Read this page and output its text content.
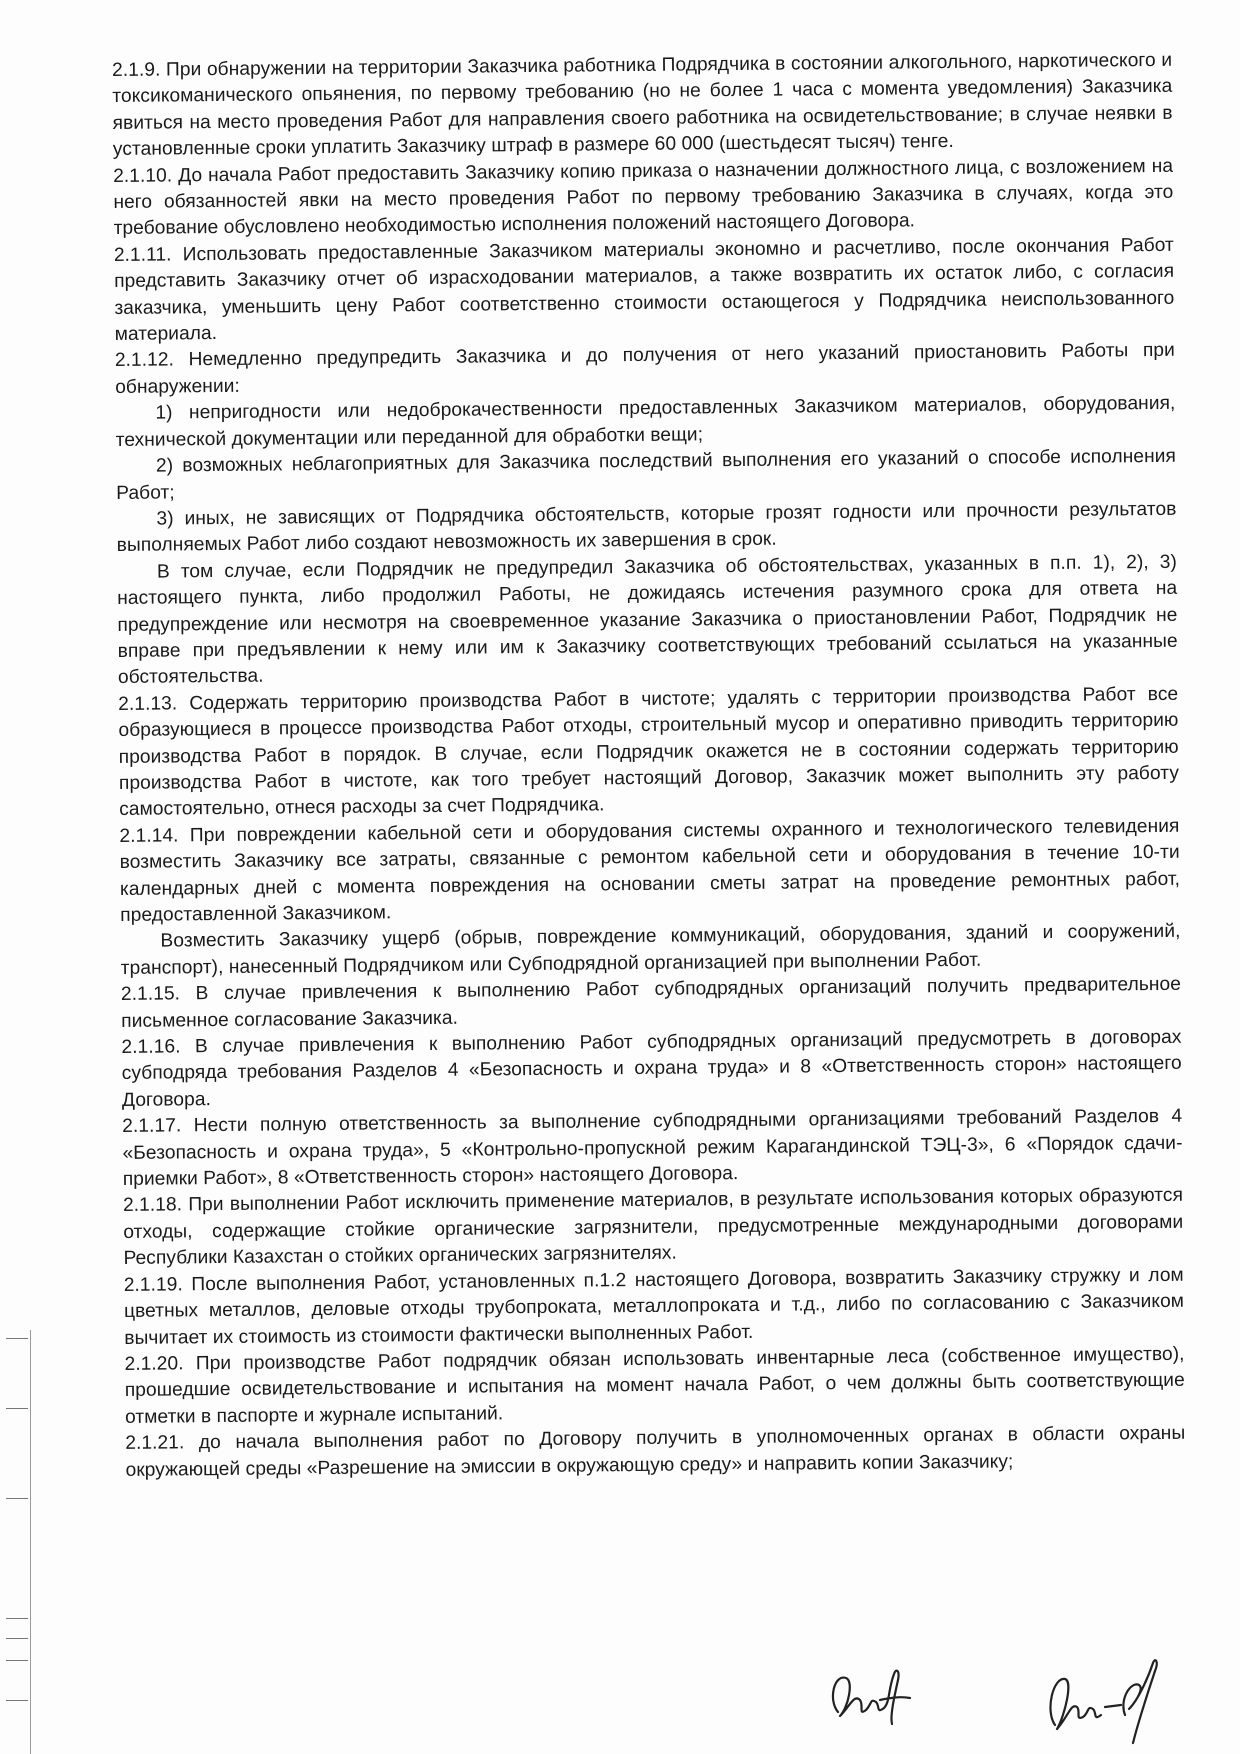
2.1.9. При обнаружении на территории Заказчика работника Подрядчика в состоянии алкогольного, наркотического и токсикоманического опьянения, по первому требованию (но не более 1 часа с момента уведомления) Заказчика явиться на место проведения Работ для направления своего работника на освидетельствование; в случае неявки в установленные сроки уплатить Заказчику штраф в размере 60 000 (шестьдесят тысяч) тенге.

2.1.10. До начала Работ предоставить Заказчику копию приказа о назначении должностного лица, с возложением на него обязанностей явки на место проведения Работ по первому требованию Заказчика в случаях, когда это требование обусловлено необходимостью исполнения положений настоящего Договора.

2.1.11. Использовать предоставленные Заказчиком материалы экономно и расчетливо, после окончания Работ представить Заказчику отчет об израсходовании материалов, а также возвратить их остаток либо, с согласия заказчика, уменьшить цену Работ соответственно стоимости остающегося у Подрядчика неиспользованного материала.

2.1.12. Немедленно предупредить Заказчика и до получения от него указаний приостановить Работы при обнаружении:

1) непригодности или недоброкачественности предоставленных Заказчиком материалов, оборудования, технической документации или переданной для обработки вещи;

2) возможных неблагоприятных для Заказчика последствий выполнения его указаний о способе исполнения Работ;

3) иных, не зависящих от Подрядчика обстоятельств, которые грозят годности или прочности результатов выполняемых Работ либо создают невозможность их завершения в срок.

В том случае, если Подрядчик не предупредил Заказчика об обстоятельствах, указанных в п.п. 1), 2), 3) настоящего пункта, либо продолжил Работы, не дожидаясь истечения разумного срока для ответа на предупреждение или несмотря на своевременное указание Заказчика о приостановлении Работ, Подрядчик не вправе при предъявлении к нему или им к Заказчику соответствующих требований ссылаться на указанные обстоятельства.

2.1.13. Содержать территорию производства Работ в чистоте; удалять с территории производства Работ все образующиеся в процессе производства Работ отходы, строительный мусор и оперативно приводить территорию производства Работ в порядок. В случае, если Подрядчик окажется не в состоянии содержать территорию производства Работ в чистоте, как того требует настоящий Договор, Заказчик может выполнить эту работу самостоятельно, отнеся расходы за счет Подрядчика.

2.1.14. При повреждении кабельной сети и оборудования системы охранного и технологического телевидения возместить Заказчику все затраты, связанные с ремонтом кабельной сети и оборудования в течение 10-ти календарных дней с момента повреждения на основании сметы затрат на проведение ремонтных работ, предоставленной Заказчиком.

Возместить Заказчику ущерб (обрыв, повреждение коммуникаций, оборудования, зданий и сооружений, транспорт), нанесенный Подрядчиком или Субподрядной организацией при выполнении Работ.

2.1.15. В случае привлечения к выполнению Работ субподрядных организаций получить предварительное письменное согласование Заказчика.

2.1.16. В случае привлечения к выполнению Работ субподрядных организаций предусмотреть в договорах субподряда требования Разделов 4 «Безопасность и охрана труда» и 8 «Ответственность сторон» настоящего Договора.

2.1.17. Нести полную ответственность за выполнение субподрядными организациями требований Разделов 4 «Безопасность и охрана труда», 5 «Контрольно-пропускной режим Карагандинской ТЭЦ-3», 6 «Порядок сдачи-приемки Работ», 8 «Ответственность сторон» настоящего Договора.

2.1.18. При выполнении Работ исключить применение материалов, в результате использования которых образуются отходы, содержащие стойкие органические загрязнители, предусмотренные международными договорами Республики Казахстан о стойких органических загрязнителях.

2.1.19. После выполнения Работ, установленных п.1.2 настоящего Договора, возвратить Заказчику стружку и лом цветных металлов, деловые отходы трубопроката, металлопроката и т.д., либо по согласованию с Заказчиком вычитает их стоимость из стоимости фактически выполненных Работ.

2.1.20. При производстве Работ подрядчик обязан использовать инвентарные леса (собственное имущество), прошедшие освидетельствование и испытания на момент начала Работ, о чем должны быть соответствующие отметки в паспорте и журнале испытаний.

2.1.21. до начала выполнения работ по Договору получить в уполномоченных органах в области охраны окружающей среды «Разрешение на эмиссии в окружающую среду» и направить копии Заказчику;
